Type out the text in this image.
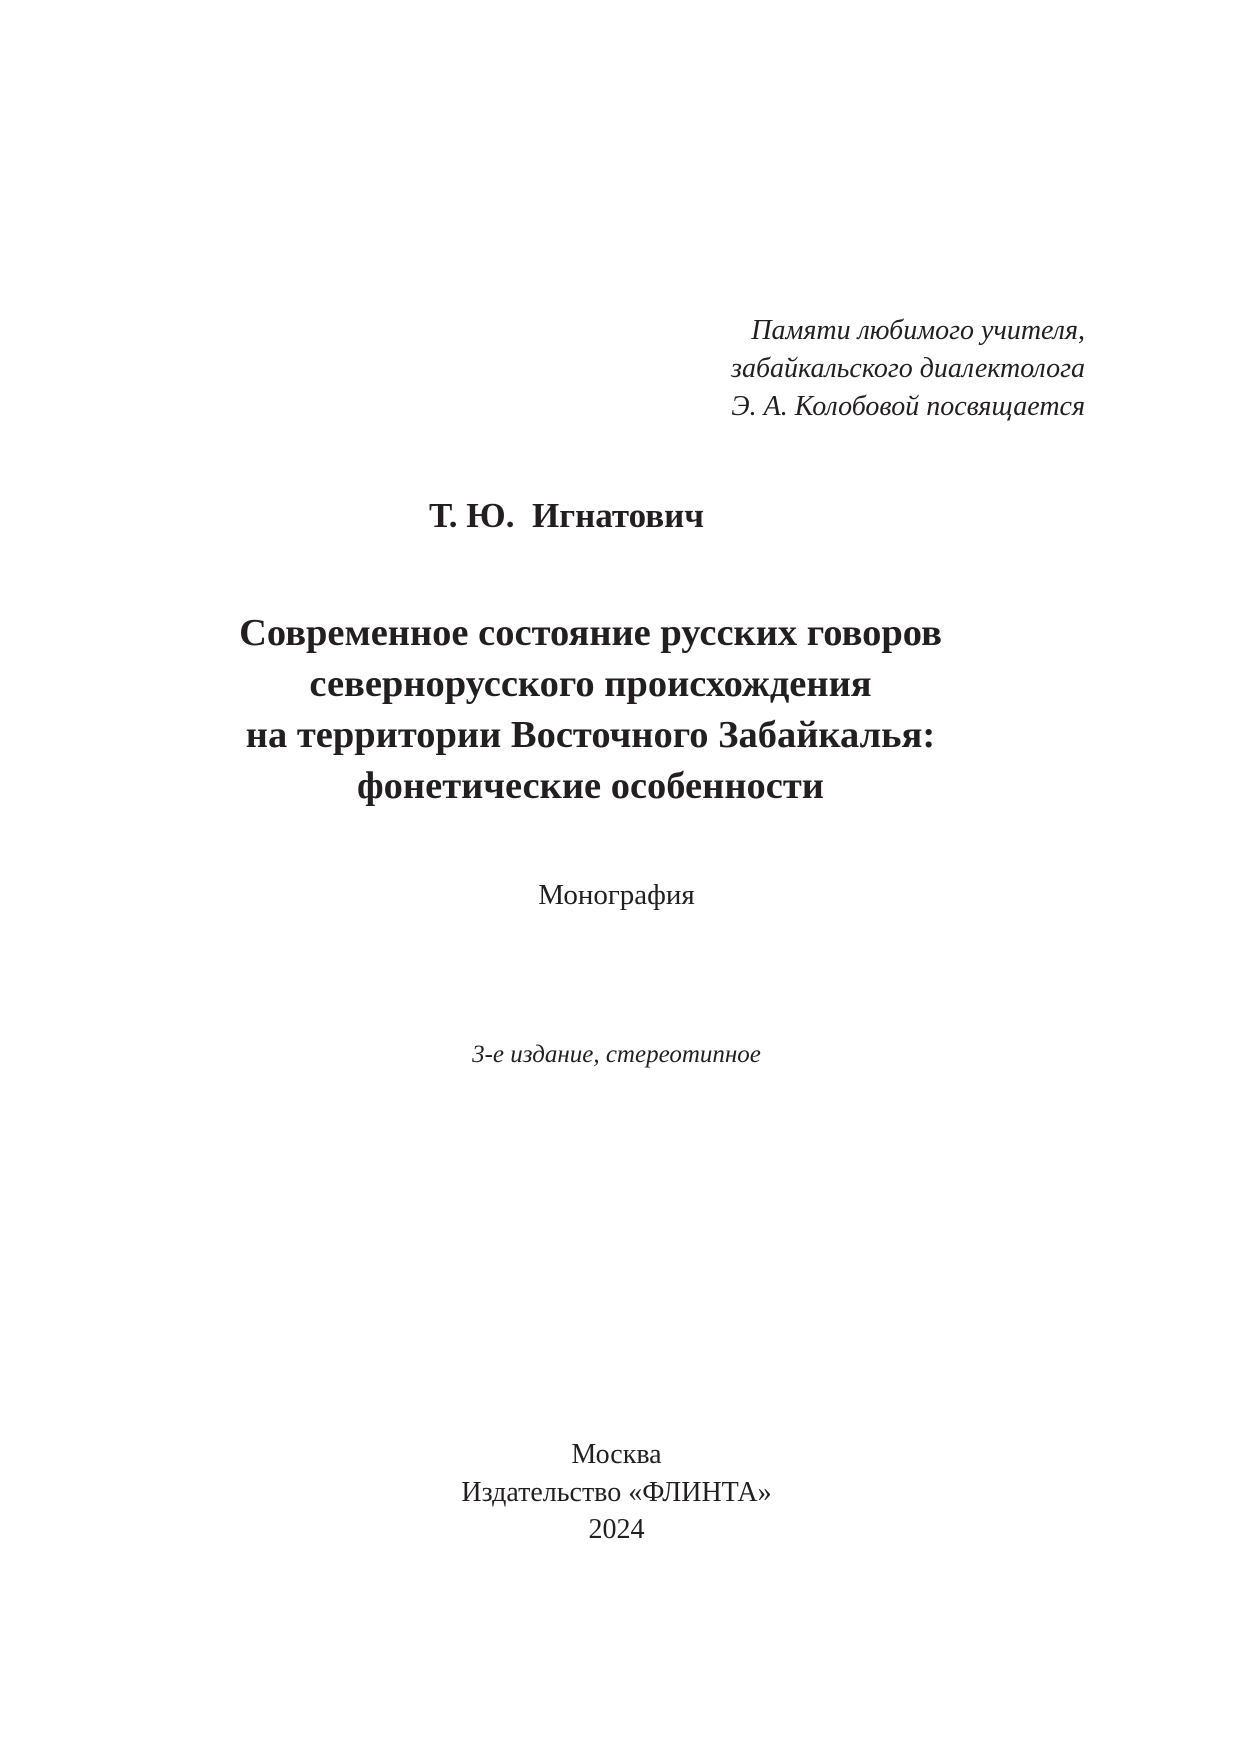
Памяти любимого учителя,
забайкальского диалектолога
Э. А. Колобовой посвящается
Т. Ю.  Игнатович
Современное состояние русских говоров
севернорусского происхождения
на территории Восточного Забайкалья:
фонетические особенности
Монография
3-е издание, стереотипное
Москва
Издательство «ФЛИНТА»
2024
